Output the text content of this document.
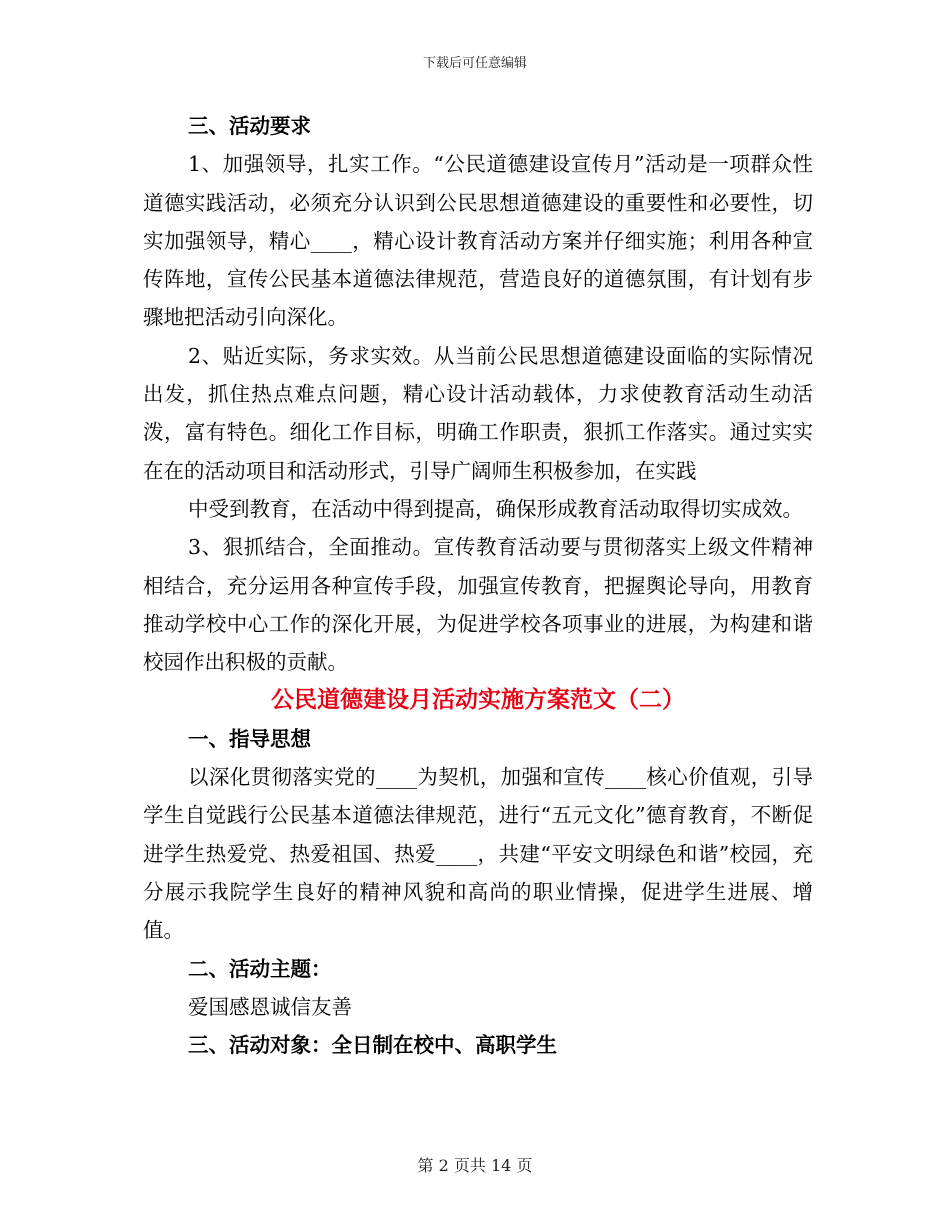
下载后可任意编辑

三、活动要求

1、加强领导，扎实工作。“公民道德建设宣传月”活动是一项群众性道德实践活动，必须充分认识到公民思想道德建设的重要性和必要性，切实加强领导，精心____，精心设计教育活动方案并仔细实施；利用各种宣传阵地，宣传公民基本道德法律规范，营造良好的道德氛围，有计划有步骤地把活动引向深化。

2、贴近实际，务求实效。从当前公民思想道德建设面临的实际情况出发，抓住热点难点问题，精心设计活动载体，力求使教育活动生动活泼，富有特色。细化工作目标，明确工作职责，狠抓工作落实。通过实实在在的活动项目和活动形式，引导广阔师生积极参加，在实践

中受到教育，在活动中得到提高，确保形成教育活动取得切实成效。

3、狠抓结合，全面推动。宣传教育活动要与贯彻落实上级文件精神相结合，充分运用各种宣传手段，加强宣传教育，把握舆论导向，用教育推动学校中心工作的深化开展，为促进学校各项事业的进展，为构建和谐校园作出积极的贡献。

公民道德建设月活动实施方案范文（二）

一、指导思想

以深化贯彻落实党的____为契机，加强和宣传____核心价值观，引导学生自觉践行公民基本道德法律规范，进行“五元文化”德育教育，不断促进学生热爱党、热爱祖国、热爱____，共建“平安文明绿色和谐”校园，充分展示我院学生良好的精神风貌和高尚的职业情操，促进学生进展、增值。

二、活动主题：

爱国感恩诚信友善

三、活动对象：全日制在校中、高职学生

第 2 页共 14 页
